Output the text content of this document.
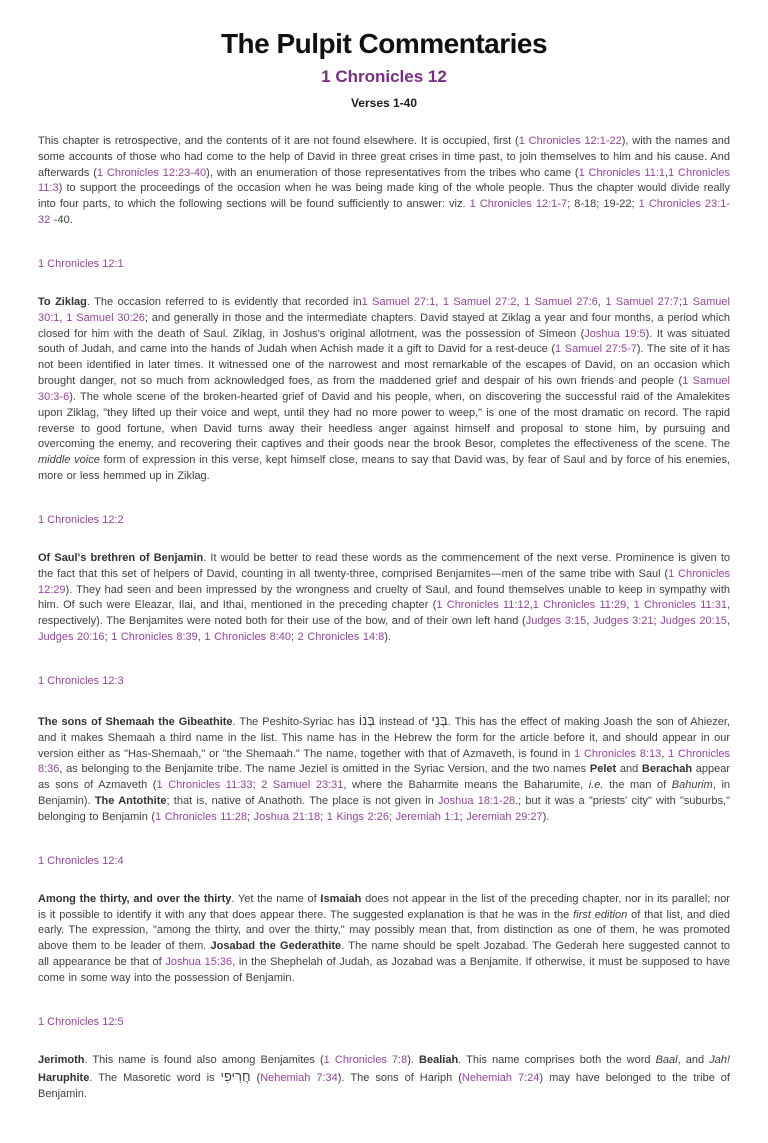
The Pulpit Commentaries
1 Chronicles 12
Verses 1-40

This chapter is retrospective, and the contents of it are not found elsewhere. It is occupied, first (1 Chronicles 12:1-22), with the names and some accounts of those who had come to the help of David in three great crises in time past, to join themselves to him and his cause. And afterwards (1 Chronicles 12:23-40), with an enumeration of those representatives from the tribes who came (1 Chronicles 11:1,1 Chronicles 11:3) to support the proceedings of the occasion when he was being made king of the whole people. Thus the chapter would divide really into four parts, to which the following sections will be found sufficiently to answer: viz. 1 Chronicles 12:1-7; 8-18; 19-22; 1 Chronicles 23:1-32 -40.

1 Chronicles 12:1

To Ziklag. The occasion referred to is evidently that recorded in1 Samuel 27:1, 1 Samuel 27:2, 1 Samuel 27:6, 1 Samuel 27:7;1 Samuel 30:1, 1 Samuel 30:26; and generally in those and the intermediate chapters. David stayed at Ziklag a year and four months, a period which closed for him with the death of Saul. Ziklag, in Joshus's original allotment, was the possession of Simeon (Joshua 19:5). It was situated south of Judah, and came into the hands of Judah when Achish made it a gift to David for a rest-deuce (1 Samuel 27:5-7). The site of it has not been identified in later times. It witnessed one of the narrowest and most remarkable of the escapes of David, on an occasion which brought danger, not so much from acknowledged foes, as from the maddened grief and despair of his own friends and people (1 Samuel 30:3-6). The whole scene of the broken-hearted grief of David and his people, when, on discovering the successful raid of the Amalekites upon Ziklag, "they lifted up their voice and wept, until they had no more power to weep," is one of the most dramatic on record. The rapid reverse to good fortune, when David turns away their heedless anger against himself and proposal to stone him, by pursuing and overcoming the enemy, and recovering their captives and their goods near the brook Besor, completes the effectiveness of the scene. The middle voice form of expression in this verse, kept himself close, means to say that David was, by fear of Saul and by force of his enemies, more or less hemmed up in Ziklag.

1 Chronicles 12:2

Of Saul's brethren of Benjamin. It would be better to read these words as the commencement of the next verse. Prominence is given to the fact that this set of helpers of David, counting in all twenty-three, comprised Benjamites—men of the same tribe with Saul (1 Chronicles 12:29). They had seen and been impressed by the wrongness and cruelty of Saul, and found themselves unable to keep in sympathy with him. Of such were Eleazar, Ilai, and Ithai, mentioned in the preceding chapter (1 Chronicles 11:12,1 Chronicles 11:29, 1 Chronicles 11:31, respectively). The Benjamites were noted both for their use of the bow, and of their own left hand (Judges 3:15, Judges 3:21; Judges 20:15, Judges 20:16; 1 Chronicles 8:39, 1 Chronicles 8:40; 2 Chronicles 14:8).

1 Chronicles 12:3

The sons of Shemaah the Gibeathite. The Peshito-Syriac has בְּנוֹ instead of בְּנֵי. This has the effect of making Joash the son of Ahiezer, and it makes Shemaah a third name in the list. This name has in the Hebrew the form for the article before it, and should appear in our version either as "Has-Shemaah," or "the Shemaah." The name, together with that of Azmaveth, is found in 1 Chronicles 8:13, 1 Chronicles 8:36, as belonging to the Benjamite tribe. The name Jeziel is omitted in the Syriac Version, and the two names Pelet and Berachah appear as sons of Azmaveth (1 Chronicles 11:33; 2 Samuel 23:31, where the Baharmite means the Baharumite, i.e. the man of Bahurim, in Benjamin). The Antothite; that is, native of Anathoth. The place is not given in Joshua 18:1-28.; but it was a "priests' city" with "suburbs," belonging to Benjamin (1 Chronicles 11:28; Joshua 21:18; 1 Kings 2:26; Jeremiah 1:1; Jeremiah 29:27).

1 Chronicles 12:4

Among the thirty, and over the thirty. Yet the name of Ismaiah does not appear in the list of the preceding chapter, nor in its parallel; nor is it possible to identify it with any that does appear there. The suggested explanation is that he was in the first edition of that list, and died early. The expression, "among the thirty, and over the thirty," may possibly mean that, from distinction as one of them, he was promoted above them to be leader of them. Josabad the Gederathite. The name should be spelt Jozabad. The Gederah here suggested cannot to all appearance be that of Joshua 15:36, in the Shephelah of Judah, as Jozabad was a Benjamite. If otherwise, it must be supposed to have come in some way into the possession of Benjamin.

1 Chronicles 12:5

Jerimoth. This name is found also among Benjamites (1 Chronicles 7:8). Bealiah. This name comprises both the word Baal, and Jah! Haruphite. The Masoretic word is חֲרִיפִי (Nehemiah 7:34). The sons of Hariph (Nehemiah 7:24) may have belonged to the tribe of Benjamin.
